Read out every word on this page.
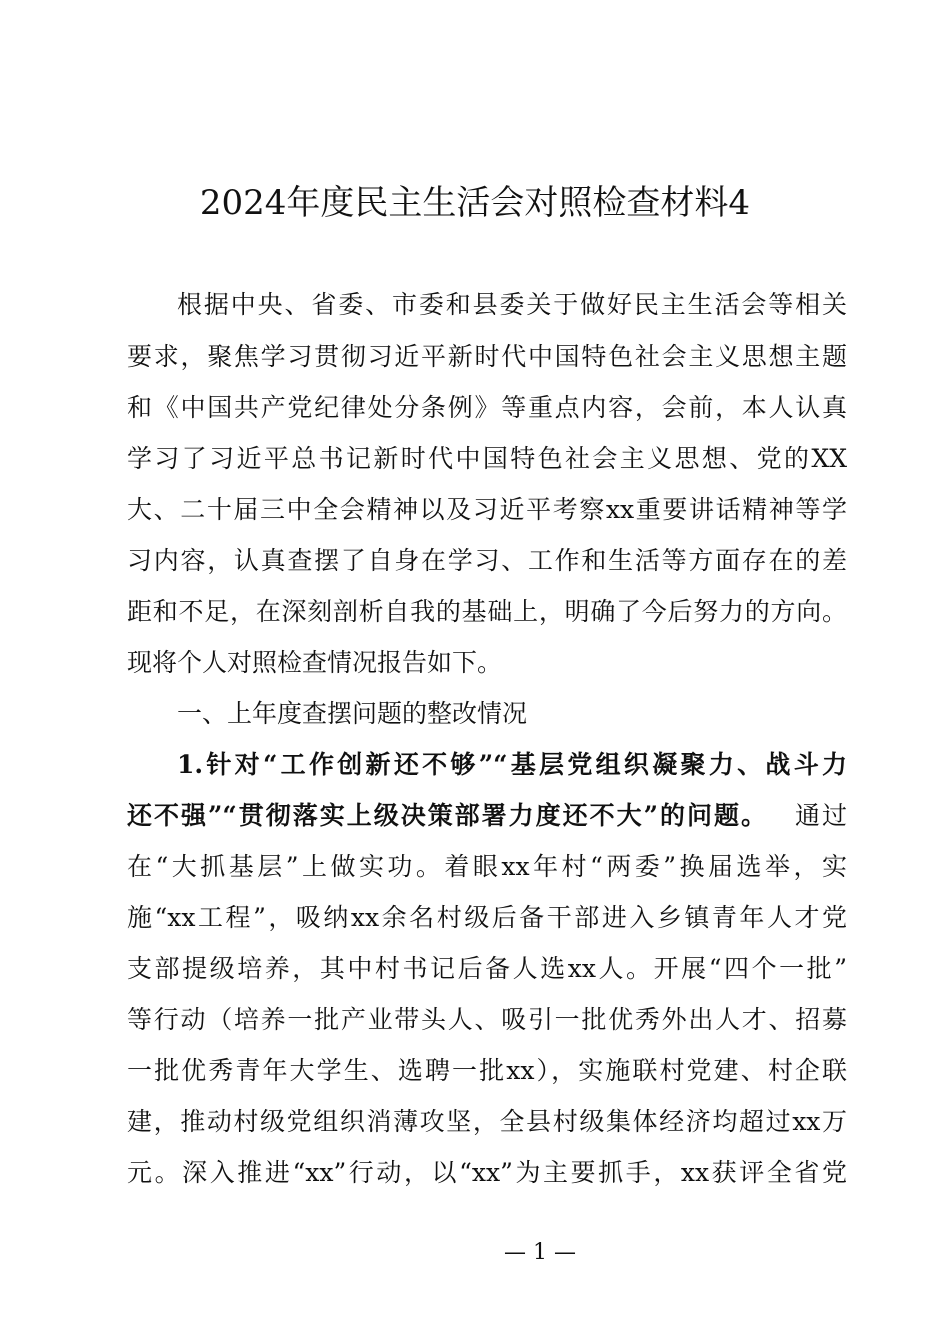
2024年度民主生活会对照检查材料4
根据中央、省委、市委和县委关于做好民主生活会等相关
要求，聚焦学习贯彻习近平新时代中国特色社会主义思想主题
和《中国共产党纪律处分条例》等重点内容，会前，本人认真
学习了习近平总书记新时代中国特色社会主义思想、党的XX
大、二十届三中全会精神以及习近平考察xx重要讲话精神等学
习内容，认真查摆了自身在学习、工作和生活等方面存在的差
距和不足，在深刻剖析自我的基础上，明确了今后努力的方向。
现将个人对照检查情况报告如下。
一、上年度查摆问题的整改情况
1.针对“工作创新还不够”“基层党组织凝聚力、战斗力
还不强”“贯彻落实上级决策部署力度还不大”的问题。  通过
在“大抓基层”上做实功。着眼xx年村“两委”换届选举，实
施“xx工程”，吸纳xx余名村级后备干部进入乡镇青年人才党
支部提级培养，其中村书记后备人选xx人。开展“四个一批”
等行动（培养一批产业带头人、吸引一批优秀外出人才、招募
一批优秀青年大学生、选聘一批xx），实施联村党建、村企联
建，推动村级党组织消薄攻坚，全县村级集体经济均超过xx万
元。深入推进“xx”行动，以“xx”为主要抓手，xx获评全省党
— 1 —
